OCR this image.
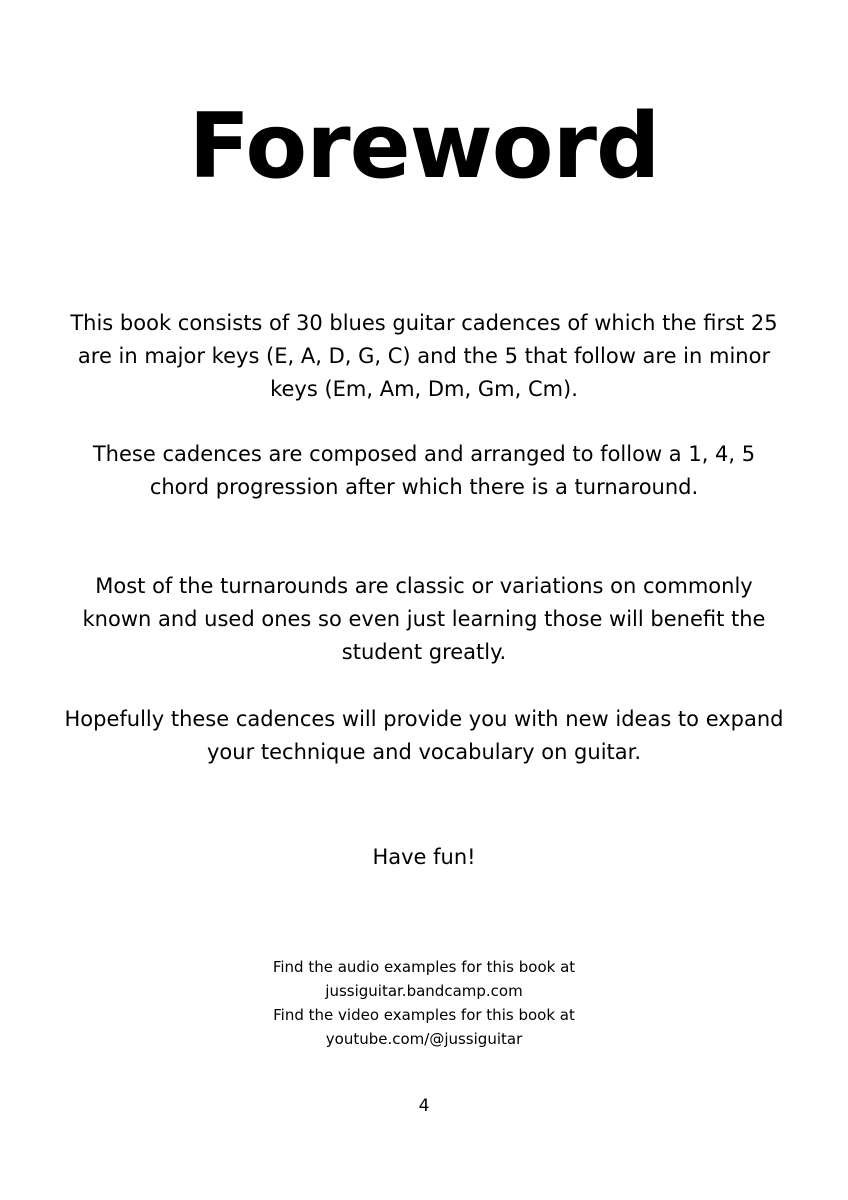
Foreword

This book consists of 30 blues guitar cadences of which the first 25 are in major keys (E, A, D, G, C) and the 5 that follow are in minor keys (Em, Am, Dm, Gm, Cm).

These cadences are composed and arranged to follow a 1, 4, 5 chord progression after which there is a turnaround.

Most of the turnarounds are classic or variations on commonly known and used ones so even just learning those will benefit the student greatly.

Hopefully these cadences will provide you with new ideas to expand your technique and vocabulary on guitar.

Have fun!

Find the audio examples for this book at
jussiguitar.bandcamp.com
Find the video examples for this book at
youtube.com/@jussiguitar
4
